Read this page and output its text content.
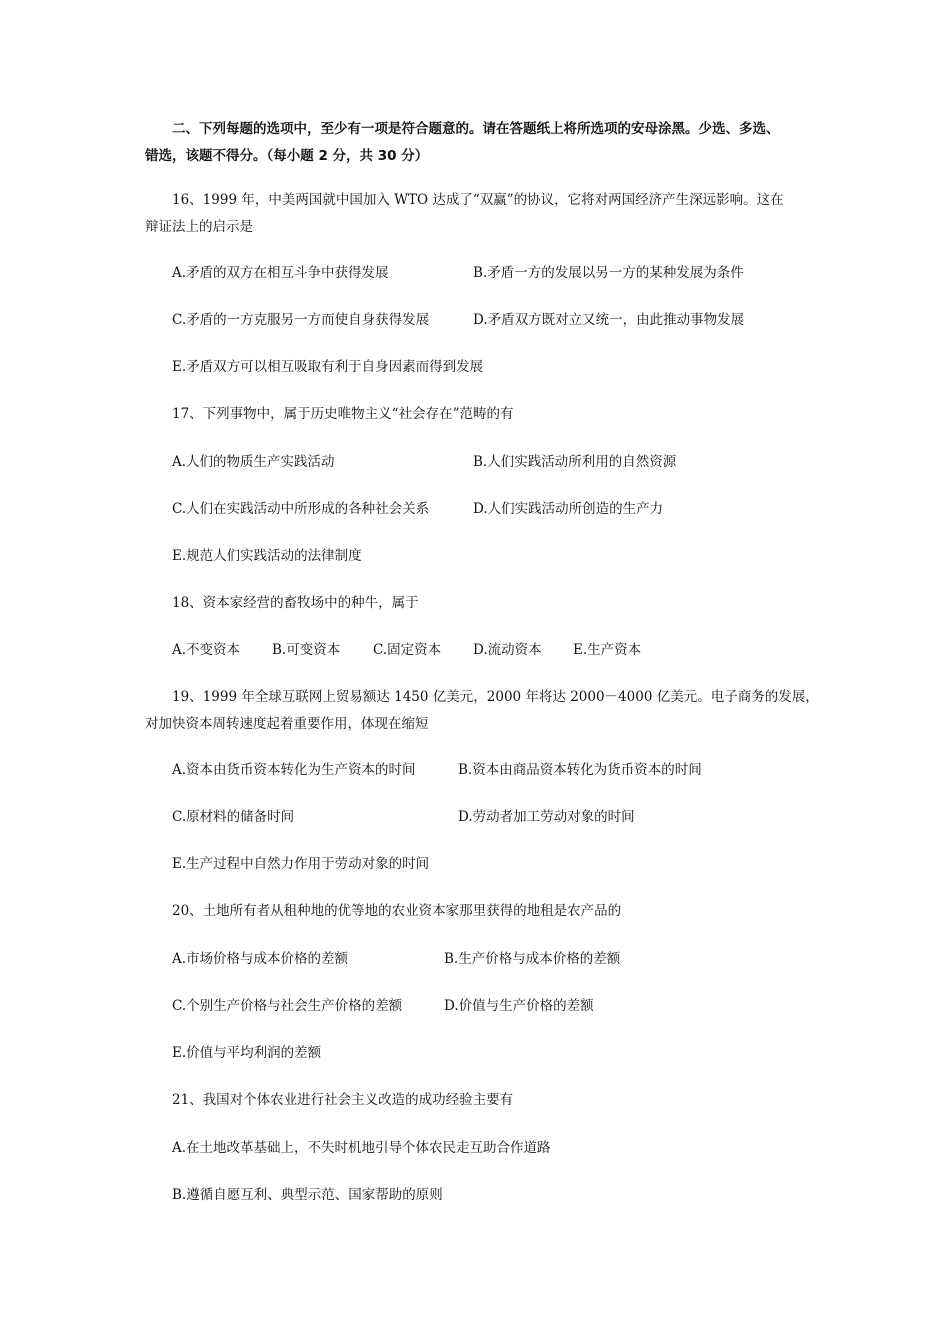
二、下列每题的选项中，至少有一项是符合题意的。请在答题纸上将所选项的安母涂黑。少选、多选、
错选，该题不得分。（每小题 2 分，共 30 分）
16、1999 年，中美两国就中国加入 WTO 达成了“双赢”的协议，它将对两国经济产生深远影响。这在
辩证法上的启示是
A.矛盾的双方在相互斗争中获得发展	B.矛盾一方的发展以另一方的某种发展为条件
C.矛盾的一方克服另一方而使自身获得发展	D.矛盾双方既对立又统一，由此推动事物发展
E.矛盾双方可以相互吸取有利于自身因素而得到发展
17、下列事物中，属于历史唯物主义“社会存在”范畴的有
A.人们的物质生产实践活动	B.人们实践活动所利用的自然资源
C.人们在实践活动中所形成的各种社会关系	D.人们实践活动所创造的生产力
E.规范人们实践活动的法律制度
18、资本家经营的畜牧场中的种牛，属于
A.不变资本 B.可变资本 C.固定资本 D.流动资本 E.生产资本
19、1999 年全球互联网上贸易额达 1450 亿美元，2000 年将达 2000－4000 亿美元。电子商务的发展，
对加快资本周转速度起着重要作用，体现在缩短
A.资本由货币资本转化为生产资本的时间	B.资本由商品资本转化为货币资本的时间
C.原材料的储备时间	D.劳动者加工劳动对象的时间
E.生产过程中自然力作用于劳动对象的时间
20、土地所有者从租种地的优等地的农业资本家那里获得的地租是农产品的
A.市场价格与成本价格的差额	B.生产价格与成本价格的差额
C.个别生产价格与社会生产价格的差额	D.价值与生产价格的差额
E.价值与平均利润的差额
21、我国对个体农业进行社会主义改造的成功经验主要有
A.在土地改革基础上，不失时机地引导个体农民走互助合作道路
B.遵循自愿互利、典型示范、国家帮助的原则
